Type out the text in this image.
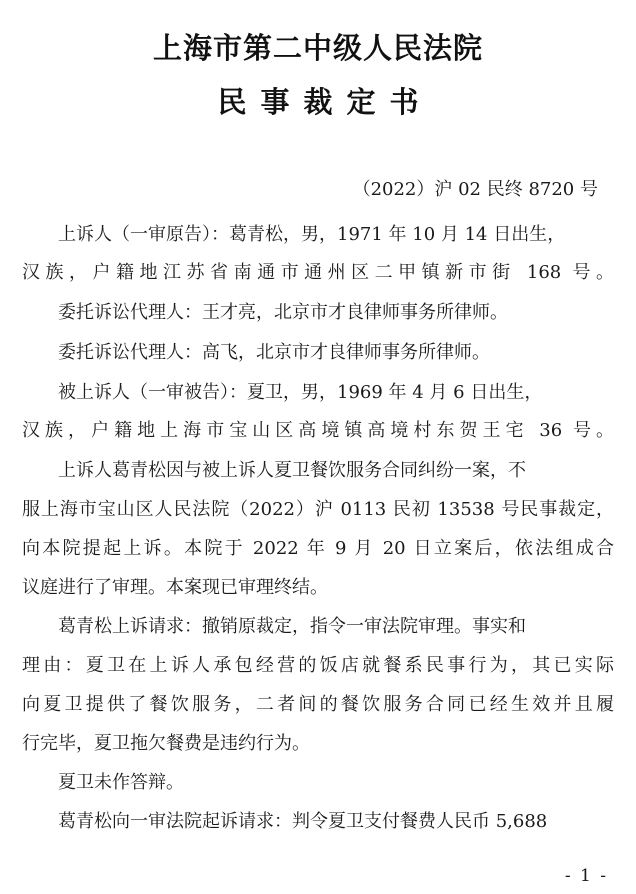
上海市第二中级人民法院
民事裁定书
（2022）沪 02 民终 8720 号
上诉人（一审原告）：葛青松，男，1971 年 10 月 14 日出生，
汉族，户籍地江苏省南通市通州区二甲镇新市街 168 号。
委托诉讼代理人：王才亮，北京市才良律师事务所律师。
委托诉讼代理人：高飞，北京市才良律师事务所律师。
被上诉人（一审被告）：夏卫，男，1969 年 4 月 6 日出生，
汉族，户籍地上海市宝山区高境镇高境村东贺王宅 36 号。
上诉人葛青松因与被上诉人夏卫餐饮服务合同纠纷一案，不
服上海市宝山区人民法院（2022）沪 0113 民初 13538 号民事裁定，
向本院提起上诉。本院于 2022 年 9 月 20 日立案后，依法组成合
议庭进行了审理。本案现已审理终结。
葛青松上诉请求：撤销原裁定，指令一审法院审理。事实和
理由：夏卫在上诉人承包经营的饭店就餐系民事行为，其已实际
向夏卫提供了餐饮服务，二者间的餐饮服务合同已经生效并且履
行完毕，夏卫拖欠餐费是违约行为。
夏卫未作答辩。
葛青松向一审法院起诉请求：判令夏卫支付餐费人民币 5,688
- 1 -
